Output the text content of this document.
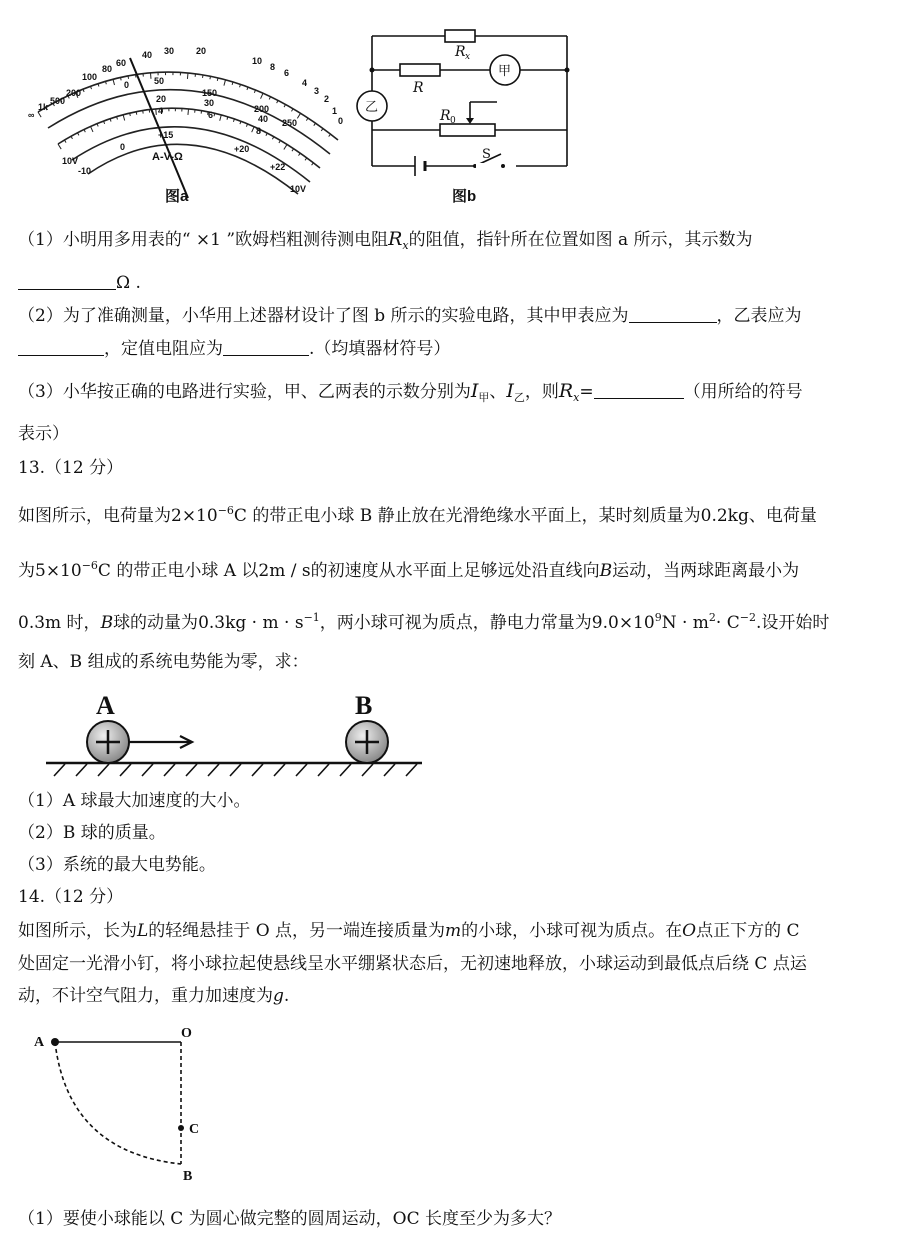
∞
1k
500
200
100
80
60
40 30 20
10
8
6
4
3
2
1
0
0	50
150
200
250
20	30
40
4	6
8
-10
0
+15
+20
+22
A-V-Ω
10V
10V
图a
R x
R
R 0
甲
乙
S
图b
（1）小明用多用表的“ ×1 ”欧姆档粗测待测电阻$R_x$的阻值，指针所在位置如图 a 所示，其示数为
Ω .
（2）为了准确测量，小华用上述器材设计了图 b 所示的实验电路，其中甲表应为	，乙表应为
，定值电阻应为	.（均填器材符号）
（3）小华按正确的电路进行实验，甲、乙两表的示数分别为$I_甲$、$I_乙$，则$R_x=$	（用所给的符号
表示）
13.（12 分）
如图所示，电荷量为$2\times 10^{-6}C$ 的带正电小球 B 静止放在光滑绝缘水平面上，某时刻质量为0.2kg、电荷量
为$5\times 10^{-6}C$ 的带正电小球 A 以2m / s的初速度从水平面上足够远处沿直线向B运动，当两球距离最小为
0.3m 时，B球的动量为$0.3kg \cdot m \cdot s^{-1}$，两小球可视为质点，静电力常量为$9.0\times 10^9N \cdot m^2\cdot C^{-2}$.设开始时
刻 A、B 组成的系统电势能为零，求：
A	B
（1）A 球最大加速度的大小。
（2）B 球的质量。
（3）系统的最大电势能。
14.（12 分）
如图所示，长为L的轻绳悬挂于 O 点，另一端连接质量为m的小球，小球可视为质点。在O点正下方的 C
处固定一光滑小钉，将小球拉起使悬线呈水平绷紧状态后，无初速地释放，小球运动到最低点后绕 C 点运
动，不计空气阻力，重力加速度为g.
A
O
C
B
（1）要使小球能以 C 为圆心做完整的圆周运动，OC 长度至少为多大？
